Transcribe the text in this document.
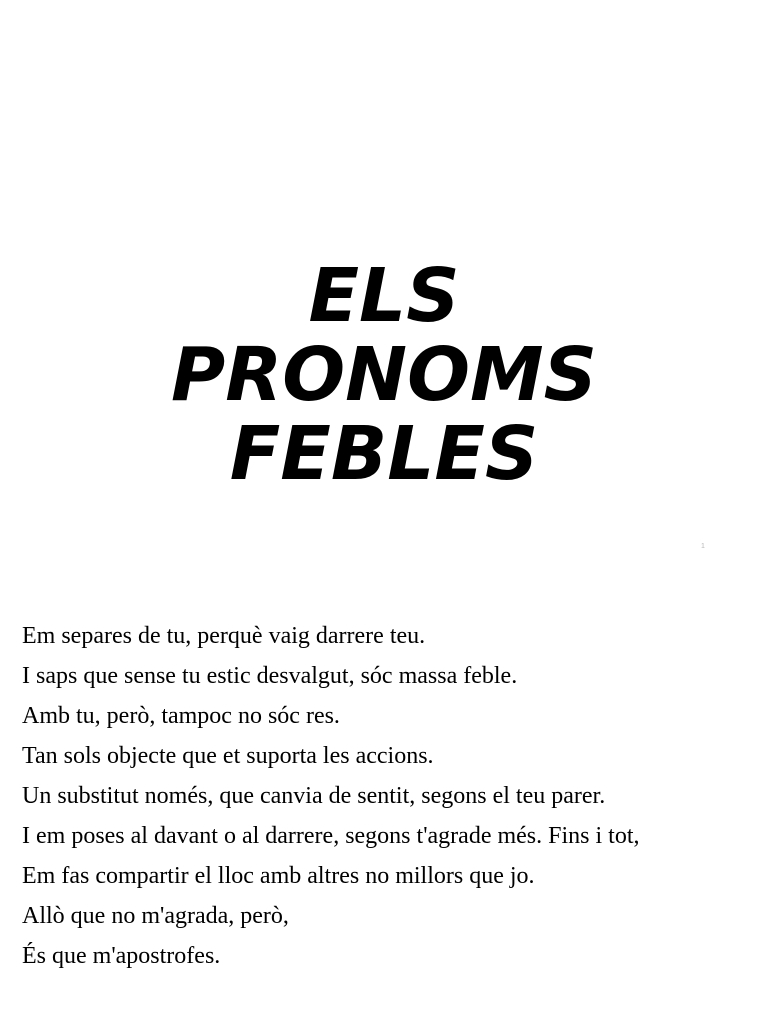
ELS
PRONOMS
FEBLES
1
Em separes de tu, perquè vaig darrere teu.
I saps que sense tu estic desvalgut, sóc massa feble.
Amb tu, però, tampoc no sóc res.
Tan sols objecte que et suporta les accions.
Un substitut només, que canvia de sentit, segons el teu parer.
I em poses al davant o al darrere, segons t'agrade més. Fins i tot,
Em fas compartir el lloc amb altres no millors que jo.
Allò que no m'agrada, però,
És que m'apostrofes.
